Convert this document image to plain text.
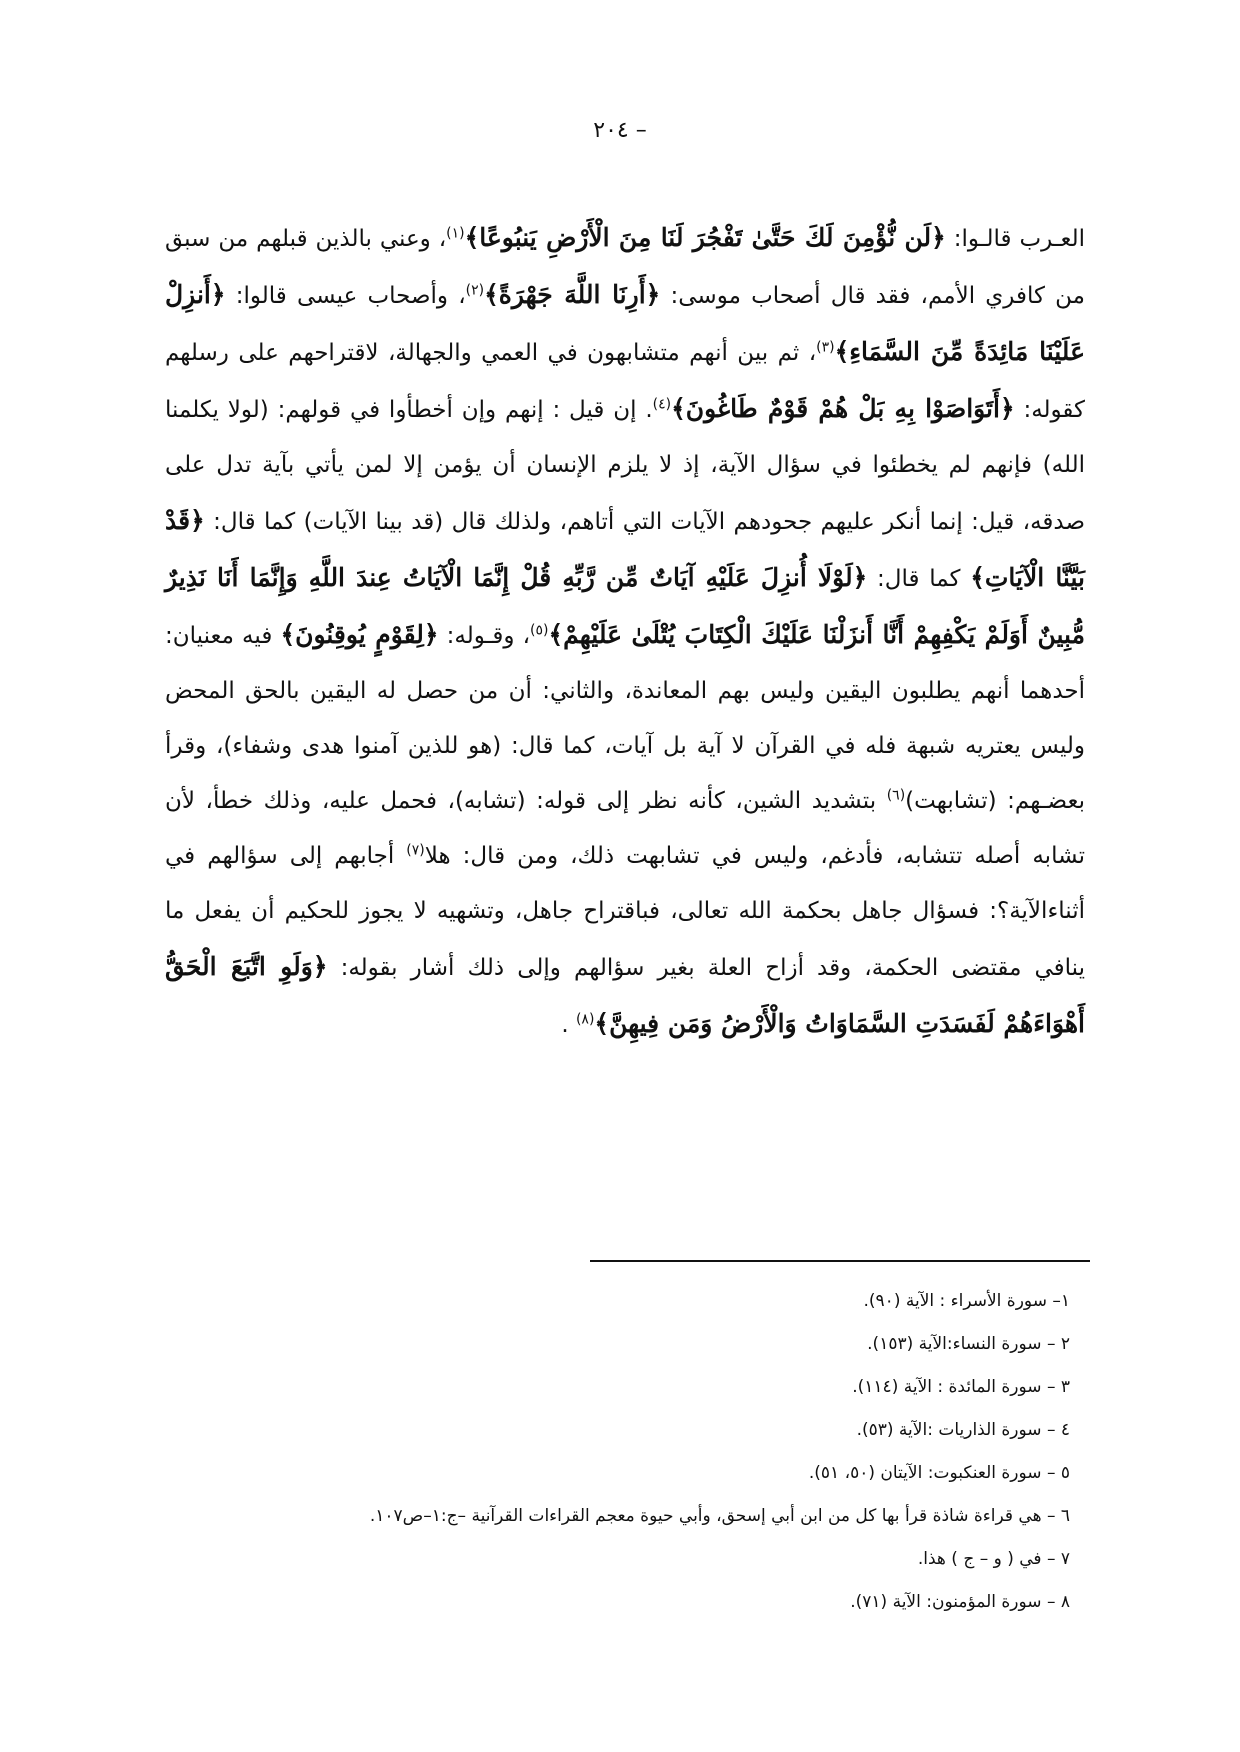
– ٢٠٤
العـرب قالـوا: ﴿لَن نُّؤْمِنَ لَكَ حَتَّىٰ تَفْجُرَ لَنَا مِنَ الْأَرْضِ يَنبُوعًا﴾$^{(١)}$، وعني بالذين قبلهم من سبق من كافري الأمم، فقد قال أصحاب موسى: ﴿أَرِنَا اللَّهَ جَهْرَةً﴾$^{(٢)}$، وأصحاب عيسى قالوا: ﴿أَنزِلْ عَلَيْنَا مَائِدَةً مِّنَ السَّمَاءِ﴾$^{(٣)}$، ثم بين أنهم متشابهون في العمي والجهالة، لاقتراحهم على رسلهم كقوله: ﴿أَتَوَاصَوْا بِهِ بَلْ هُمْ قَوْمٌ طَاغُونَ﴾$^{(٤)}$. إن قيل : إنهم وإن أخطأوا في قولهم: (لولا يكلمنا الله) فإنهم لم يخطئوا في سؤال الآية، إذ لا يلزم الإنسان أن يؤمن إلا لمن يأتي بآية تدل على صدقه، قيل: إنما أنكر عليهم جحودهم الآيات التي أتاهم، ولذلك قال (قد بينا الآيات) كما قال: ﴿قَدْ بَيَّنَّا الْآيَاتِ﴾ كما قال: ﴿لَوْلَا أُنزِلَ عَلَيْهِ آيَاتٌ مِّن رَّبِّهِ قُلْ إِنَّمَا الْآيَاتُ عِندَ اللَّهِ وَإِنَّمَا أَنَا نَذِيرٌ مُّبِينٌ أَوَلَمْ يَكْفِهِمْ أَنَّا أَنزَلْنَا عَلَيْكَ الْكِتَابَ يُتْلَىٰ عَلَيْهِمْ﴾$^{(٥)}$، وقـوله: ﴿لِقَوْمٍ يُوقِنُونَ﴾ فيه معنيان: أحدهما أنهم يطلبون اليقين وليس بهم المعاندة، والثاني: أن من حصل له اليقين بالحق المحض وليس يعتريه شبهة فله في القرآن لا آية بل آيات، كما قال: (هو للذين آمنوا هدى وشفاء)، وقرأ بعضـهم: (تشابهت)$^{(٦)}$ بتشديد الشين، كأنه نظر إلى قوله: (تشابه)، فحمل عليه، وذلك خطأ، لأن تشابه أصله تتشابه، فأدغم، وليس في تشابهت ذلك، ومن قال: هلا$^{(٧)}$ أجابهم إلى سؤالهم في أثناءالآية؟: فسؤال جاهل بحكمة الله تعالى، فباقتراح جاهل، وتشهيه لا يجوز للحكيم أن يفعل ما ينافي مقتضى الحكمة، وقد أزاح العلة بغير سؤالهم وإلى ذلك أشار بقوله: ﴿وَلَوِ اتَّبَعَ الْحَقُّ أَهْوَاءَهُمْ لَفَسَدَتِ السَّمَاوَاتُ وَالْأَرْضُ وَمَن فِيهِنَّ﴾$^{(٨)}$ .
١– سورة الأسراء : الآية (٩٠).
٢ – سورة النساء:الآية (١٥٣).
٣ – سورة المائدة : الآية (١١٤).
٤ – سورة الذاريات :الآية (٥٣).
٥ – سورة العنكبوت: الآيتان (٥٠، ٥١).
٦ – هي قراءة شاذة قرأ بها كل من ابن أبي إسحق، وأبي حيوة معجم القراءات القرآنية –ج:١–ص١٠٧.
٧ – في ( و – ج ) هذا.
٨ – سورة المؤمنون: الآية (٧١).
